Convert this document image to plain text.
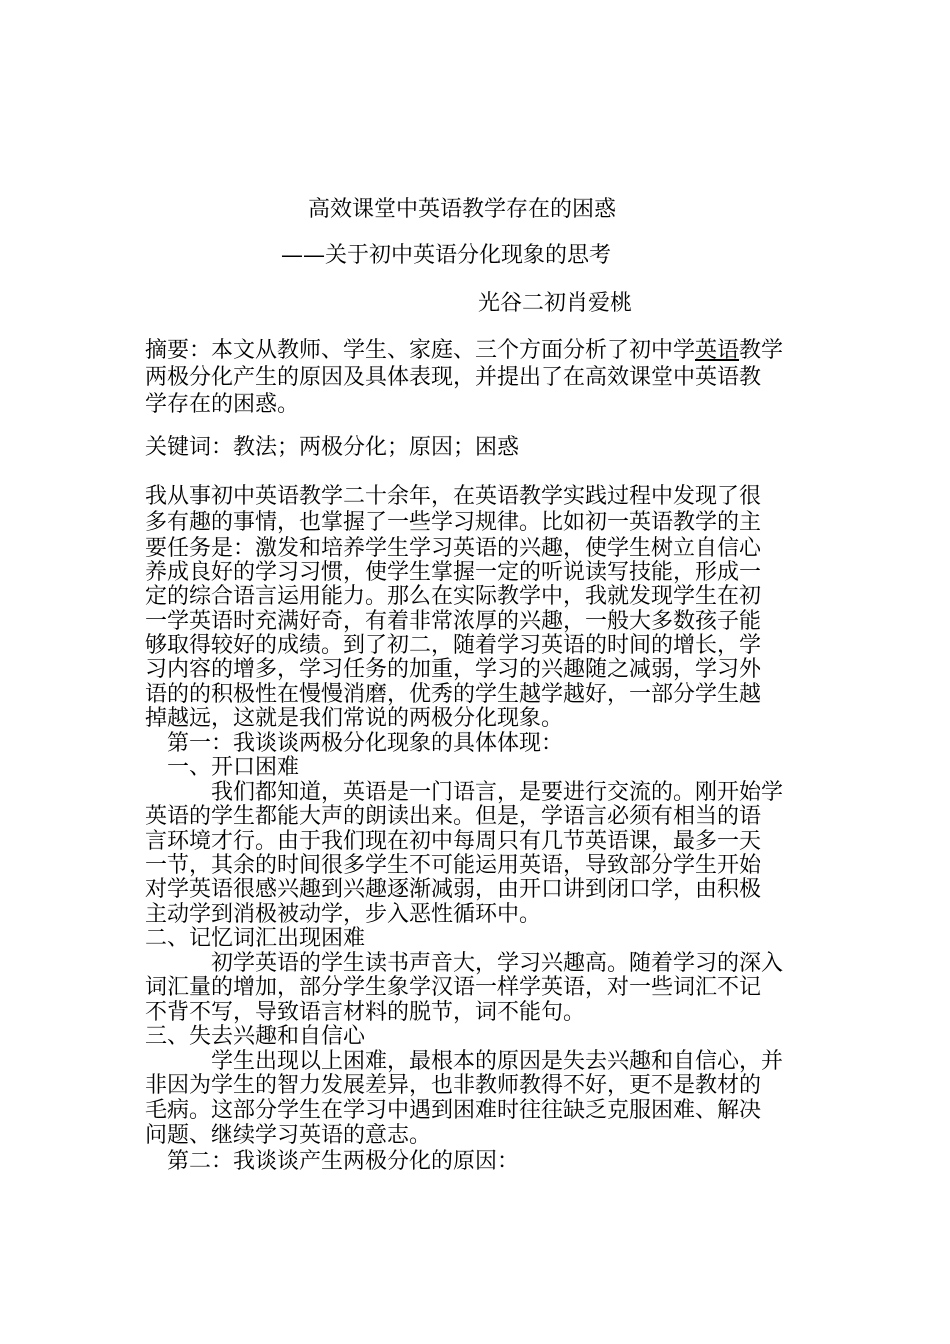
高效课堂中英语教学存在的困惑
——关于初中英语分化现象的思考
光谷二初肖爱桃
摘要：本文从教师、学生、家庭、三个方面分析了初中学英语教学
两极分化产生的原因及具体表现，并提出了在高效课堂中英语教
学存在的困惑。
关键词：教法；两极分化；原因；困惑
我从事初中英语教学二十余年，在英语教学实践过程中发现了很
多有趣的事情，也掌握了一些学习规律。比如初一英语教学的主
要任务是：激发和培养学生学习英语的兴趣，使学生树立自信心
养成良好的学习习惯，使学生掌握一定的听说读写技能，形成一
定的综合语言运用能力。那么在实际教学中，我就发现学生在初
一学英语时充满好奇，有着非常浓厚的兴趣，一般大多数孩子能
够取得较好的成绩。到了初二，随着学习英语的时间的增长，学
习内容的增多，学习任务的加重，学习的兴趣随之减弱，学习外
语的的积极性在慢慢消磨，优秀的学生越学越好，一部分学生越
掉越远，这就是我们常说的两极分化现象。
　第一：我谈谈两极分化现象的具体体现：
　一、开口困难
　　　我们都知道，英语是一门语言，是要进行交流的。刚开始学
英语的学生都能大声的朗读出来。但是，学语言必须有相当的语
言环境才行。由于我们现在初中每周只有几节英语课，最多一天
一节，其余的时间很多学生不可能运用英语，导致部分学生开始
对学英语很感兴趣到兴趣逐渐减弱，由开口讲到闭口学，由积极
主动学到消极被动学，步入恶性循环中。
二、记忆词汇出现困难
　　　初学英语的学生读书声音大，学习兴趣高。随着学习的深入
词汇量的增加，部分学生象学汉语一样学英语，对一些词汇不记
不背不写，导致语言材料的脱节，词不能句。
三、失去兴趣和自信心
　　　学生出现以上困难，最根本的原因是失去兴趣和自信心，并
非因为学生的智力发展差异，也非教师教得不好，更不是教材的
毛病。这部分学生在学习中遇到困难时往往缺乏克服困难、解决
问题、继续学习英语的意志。
　第二：我谈谈产生两极分化的原因：
